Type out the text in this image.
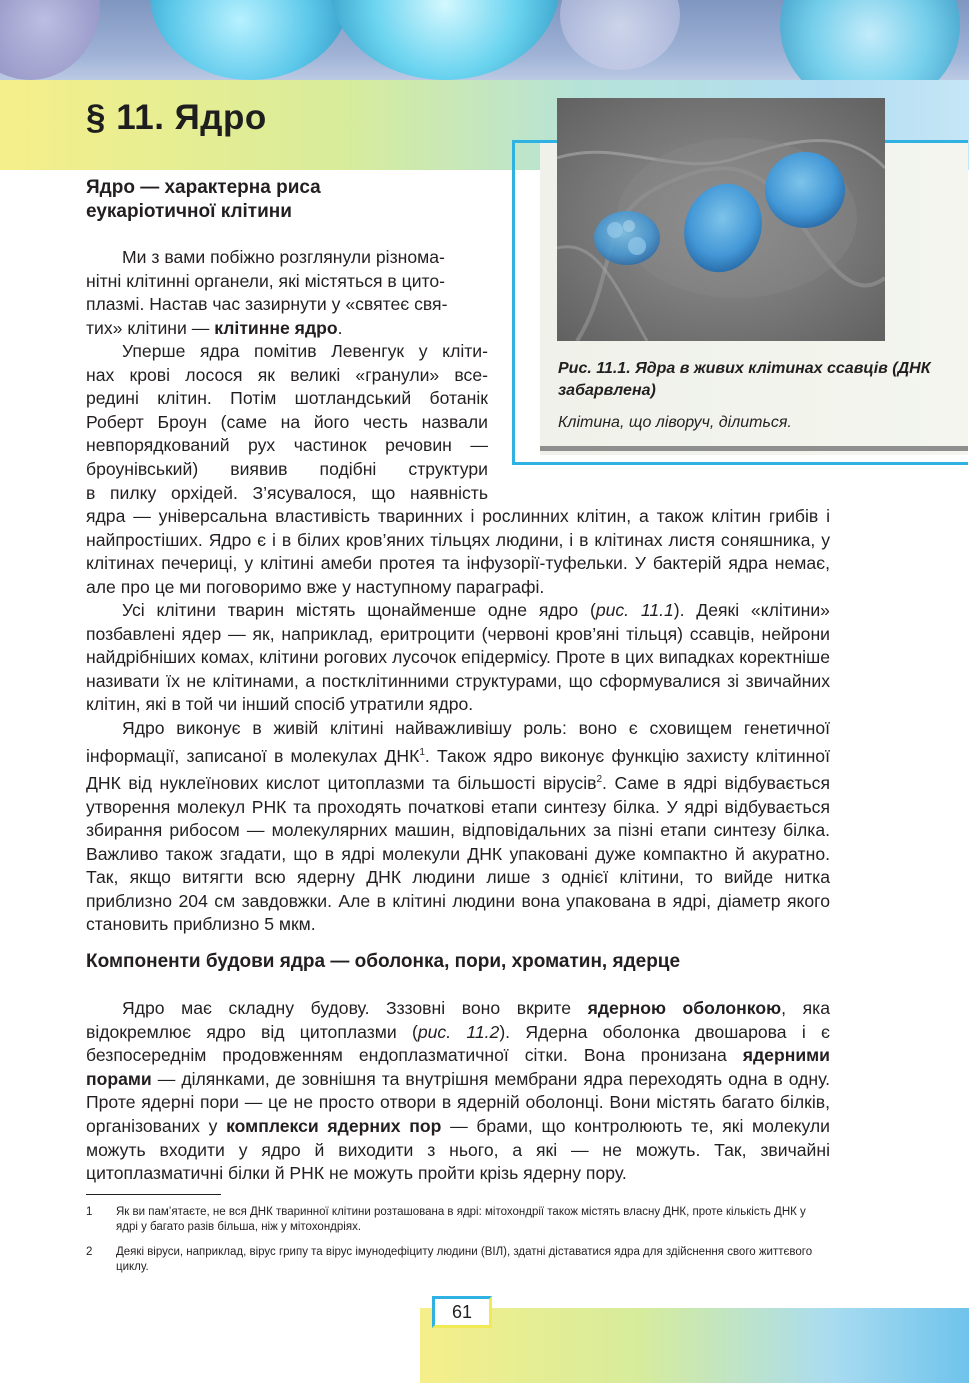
§ 11. Ядро
Рис. 11.1. Ядра в живих клітинах ссавців (ДНК забарвлена)
Клітина, що ліворуч, ділиться.
Ядро — характерна риса
еукаріотичної клітини
Ми з вами побіжно розглянули різнома-
нітні клітинні органели, які містяться в цито-
плазмі. Настав час зазирнути у «святеє свя-
тих» клітини — клітинне ядро.
Уперше ядра помітив Левенгук у кліти-
нах крові лосося як великі «гранули» все-
редині клітин. Потім шотландський ботанік
Роберт Броун (саме на його честь назвали
невпорядкований рух частинок речовин —
броунівський) виявив подібні структури
в пилку орхідей. З’ясувалося, що наявність

ядра — універсальна властивість тваринних і рослинних клітин, а також клітин грибів і найпростіших. Ядро є і в білих кров’яних тільцях людини, і в клітинах листя соняшника, у клітинах печериці, у клітині амеби протея та інфузорії-туфельки. У бактерій ядра немає, але про це ми поговоримо вже у наступному параграфі.

Усі клітини тварин містять щонайменше одне ядро (рис. 11.1). Деякі «клітини» позбавлені ядер — як, наприклад, еритроцити (червоні кров’яні тільця) ссавців, нейрони найдрібніших комах, клітини рогових лусочок епідермісу. Проте в цих випадках коректніше називати їх не клітинами, а постклітинними структурами, що сформувалися зі звичайних клітин, які в той чи інший спосіб утратили ядро.

Ядро виконує в живій клітині найважливішу роль: воно є сховищем генетичної інформації, записаної в молекулах ДНК$^1$. Також ядро виконує функцію захисту клітинної ДНК від нуклеїнових кислот цитоплазми та більшості вірусів$^2$. Саме в ядрі відбувається утворення молекул РНК та проходять початкові етапи синтезу білка. У ядрі відбувається збирання рибосом — молекулярних машин, відповідальних за пізні етапи синтезу білка. Важливо також згадати, що в ядрі молекули ДНК упаковані дуже компактно й акуратно. Так, якщо витягти всю ядерну ДНК людини лише з однієї клітини, то вийде нитка приблизно 204 см завдовжки. Але в клітині людини вона упакована в ядрі, діаметр якого становить приблизно 5 мкм.

Компоненти будови ядра — оболонка, пори, хроматин, ядерце

Ядро має складну будову. Зззовні воно вкрите ядерною оболонкою, яка відокремлює ядро від цитоплазми (рис. 11.2). Ядерна оболонка двошарова і є безпосереднім продовженням ендоплазматичної сітки. Вона пронизана ядерними порами — ділянками, де зовнішня та внутрішня мембрани ядра переходять одна в одну. Проте ядерні пори — це не просто отвори в ядерній оболонці. Вони містять багато білків, організованих у комплекси ядерних пор — брами, що контролюють те, які молекули можуть входити у ядро й виходити з нього, а які — не можуть. Так, звичайні цитоплазматичні білки й РНК не можуть пройти крізь ядерну пору.

1 Як ви пам’ятаєте, не вся ДНК тваринної клітини розташована в ядрі: мітохондрії також містять власну ДНК, проте кількість ДНК у ядрі у багато разів більша, ніж у мітохондріях.
2 Деякі віруси, наприклад, вірус грипу та вірус імунодефіциту людини (ВІЛ), здатні діставатися ядра для здійснення свого життєвого циклу.
61
